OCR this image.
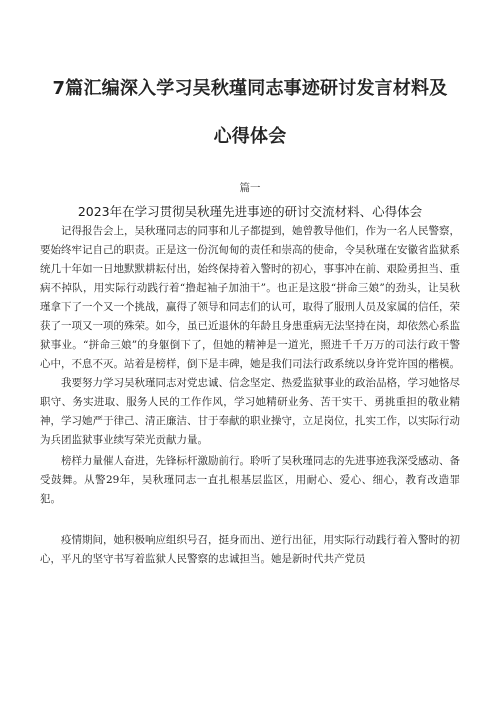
7篇汇编深入学习吴秋瑾同志事迹研讨发言材料及
心得体会
篇一
2023年在学习贯彻吴秋瑾先进事迹的研讨交流材料、心得体会

记得报告会上，吴秋瑾同志的同事和儿子都提到，她曾教导他们，作为一名人民警察，要始终牢记自己的职责。正是这一份沉甸甸的责任和崇高的使命，令吴秋瑾在安徽省监狱系统几十年如一日地默默耕耘付出，始终保持着入警时的初心，事事冲在前、艰险勇担当、重病不掉队，用实际行动践行着“撸起袖子加油干”。也正是这股“拼命三娘”的劲头，让吴秋瑾拿下了一个又一个挑战，赢得了领导和同志们的认可，取得了服刑人员及家属的信任，荣获了一项又一项的殊荣。如今，虽已近退休的年龄且身患重病无法坚持在岗，却依然心系监狱事业。“拼命三娘”的身躯倒下了，但她的精神是一道光，照进千千万万的司法行政干警心中，不息不灭。站着是榜样，倒下是丰碑，她是我们司法行政系统以身许党许国的楷模。

我要努力学习吴秋瑾同志对党忠诚、信念坚定、热爱监狱事业的政治品格，学习她恪尽职守、务实进取、服务人民的工作作风，学习她精研业务、苦干实干、勇挑重担的敬业精神，学习她严于律己、清正廉洁、甘于奉献的职业操守，立足岗位，扎实工作，以实际行动为兵团监狱事业续写荣光贡献力量。

榜样力量催人奋进，先锋标杆激励前行。聆听了吴秋瑾同志的先进事迹我深受感动、备受鼓舞。从警29年，吴秋瑾同志一直扎根基层监区，用耐心、爱心、细心，教育改造罪犯。

疫情期间，她积极响应组织号召，挺身而出、逆行出征，用实际行动践行着入警时的初心，平凡的坚守书写着监狱人民警察的忠诚担当。她是新时代共产党员
